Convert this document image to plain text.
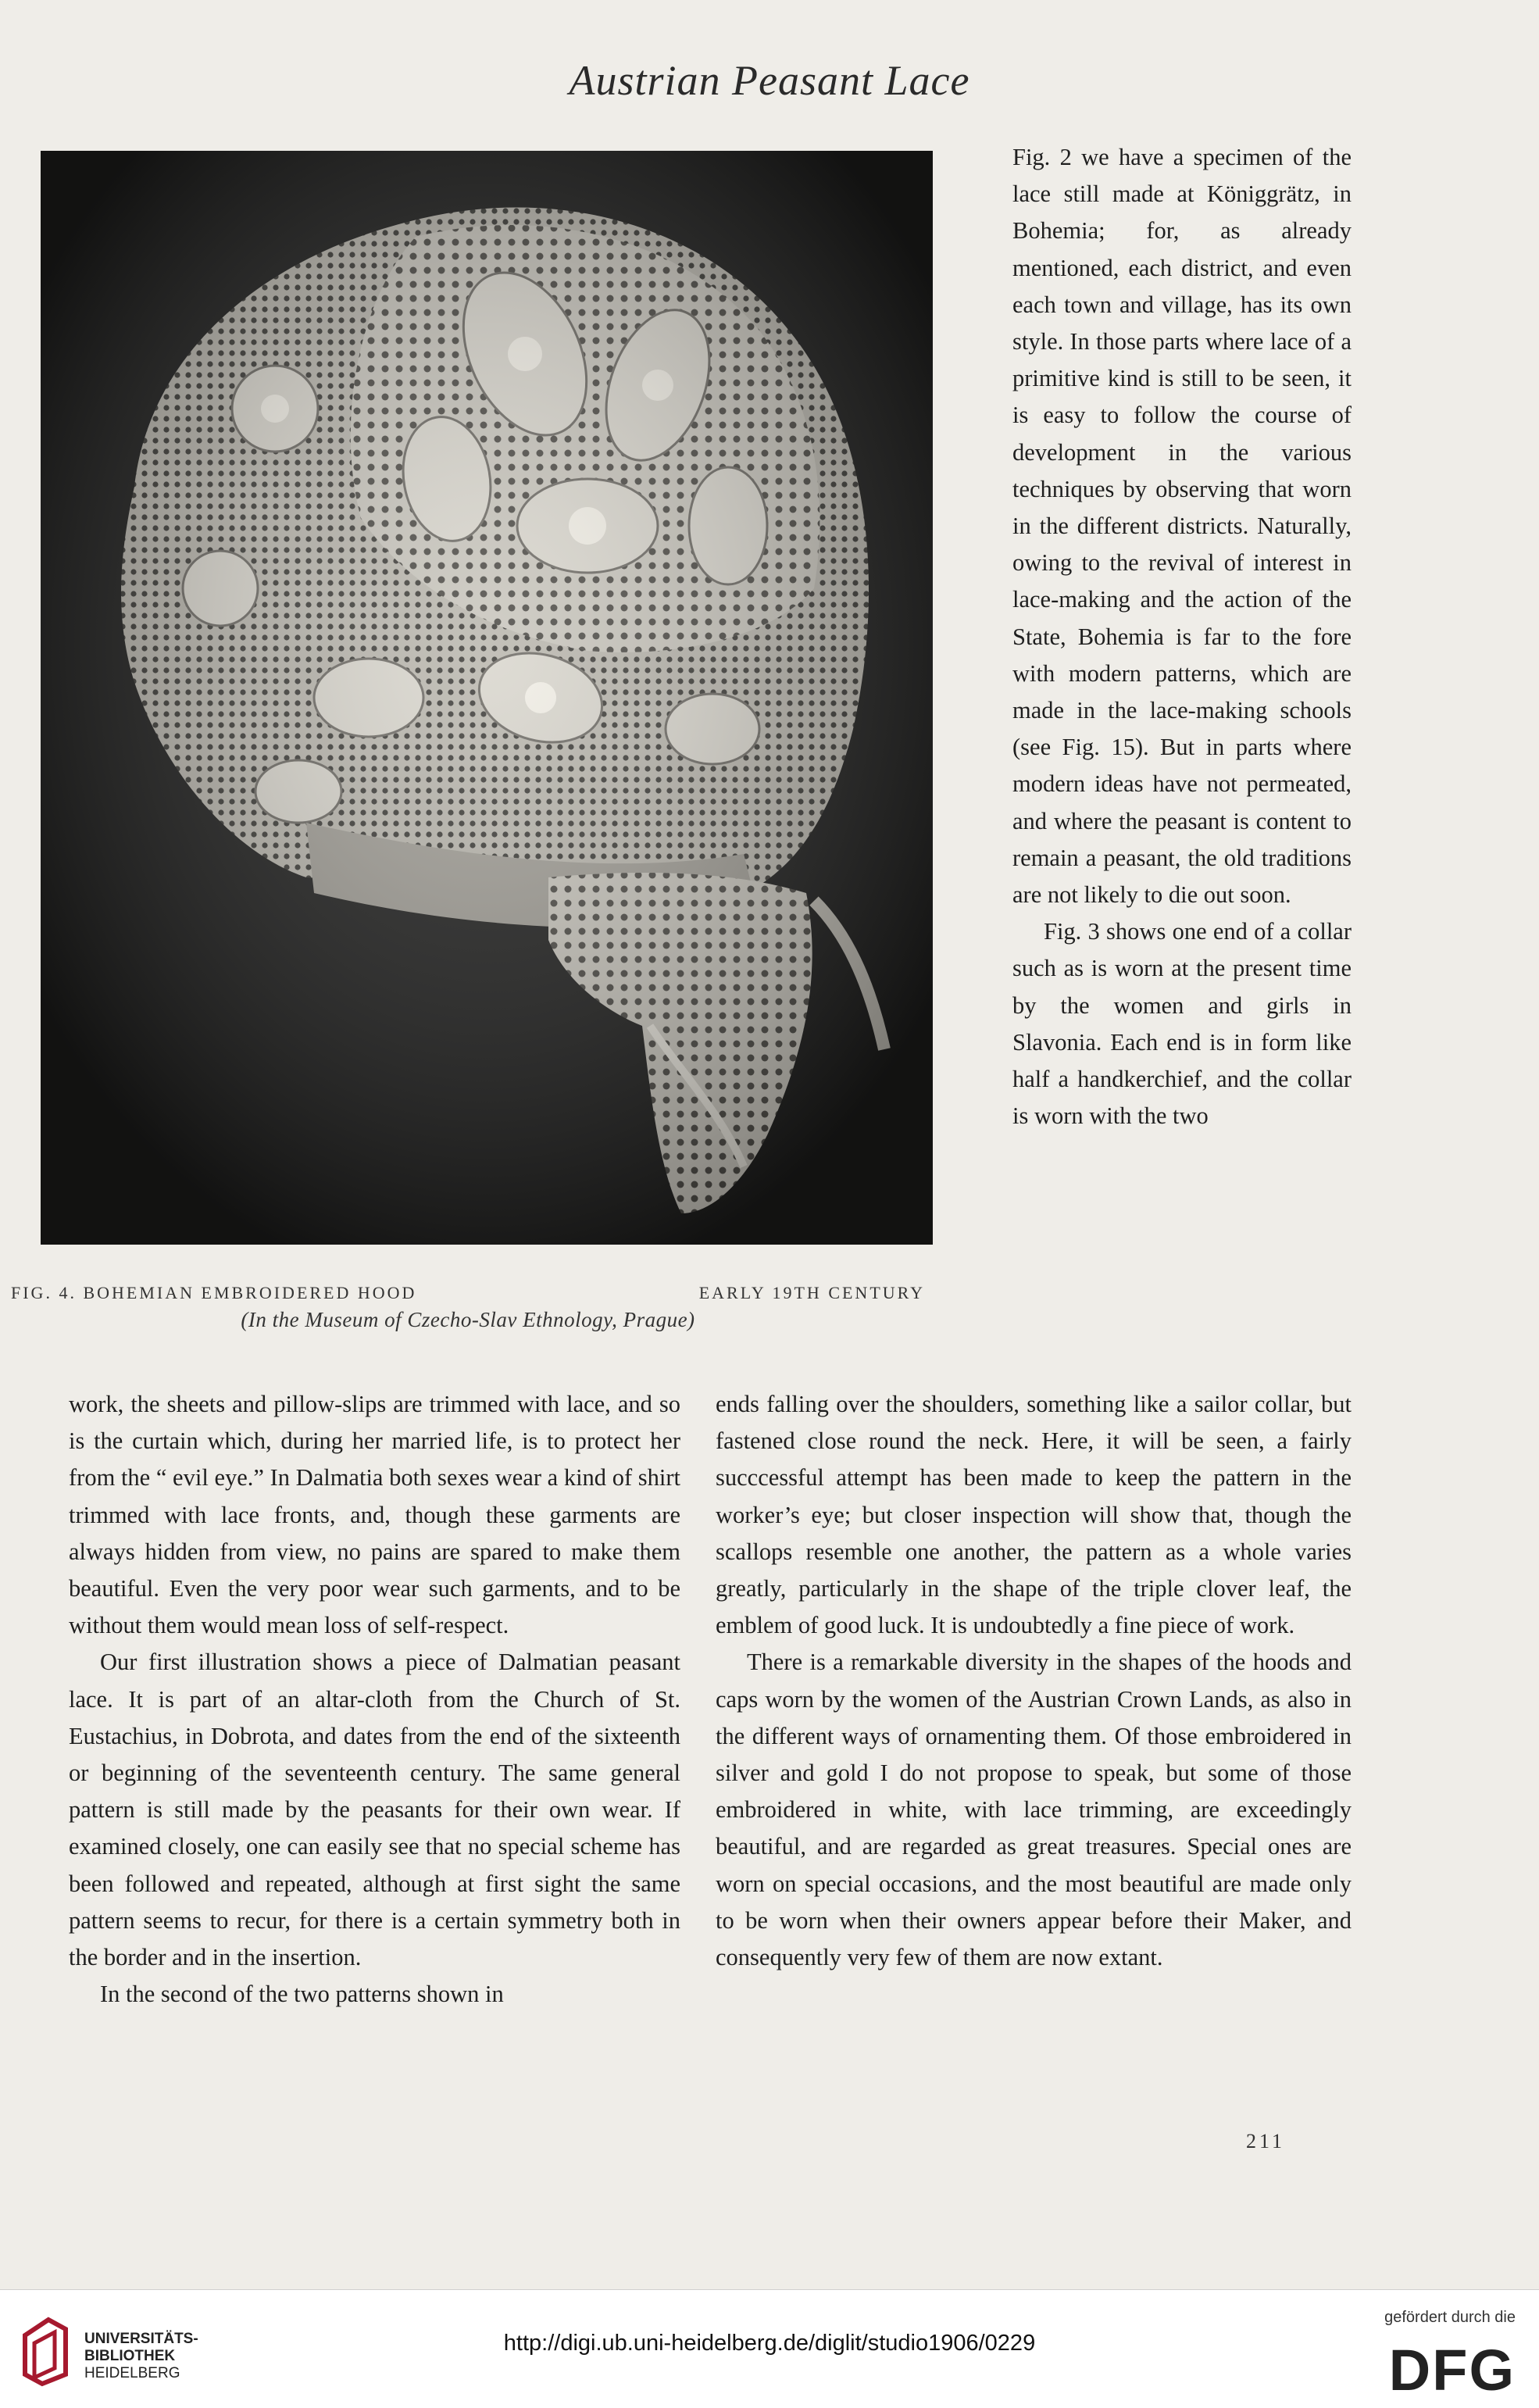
Austrian Peasant Lace
FIG. 4. BOHEMIAN EMBROIDERED HOOD	EARLY 19TH CENTURY
(In the Museum of Czecho-Slav Ethnology, Prague)

Fig. 2 we have a specimen of the lace still made at Königgrätz, in Bohemia; for, as already mentioned, each district, and even each town and village, has its own style. In those parts where lace of a primitive kind is still to be seen, it is easy to follow the course of development in the various techniques by observing that worn in the different districts. Naturally, owing to the revival of interest in lace-making and the action of the State, Bohemia is far to the fore with modern patterns, which are made in the lace-making schools (see Fig. 15). But in parts where modern ideas have not permeated, and where the peasant is content to remain a peasant, the old traditions are not likely to die out soon.

Fig. 3 shows one end of a collar such as is worn at the present time by the women and girls in Slavonia. Each end is in form like half a handkerchief, and the collar is worn with the two

work, the sheets and pillow-slips are trimmed with lace, and so is the curtain which, during her married life, is to protect her from the “ evil eye.” In Dalmatia both sexes wear a kind of shirt trimmed with lace fronts, and, though these garments are always hidden from view, no pains are spared to make them beautiful. Even the very poor wear such garments, and to be without them would mean loss of self-respect.

Our first illustration shows a piece of Dalmatian peasant lace. It is part of an altar-cloth from the Church of St. Eustachius, in Dobrota, and dates from the end of the sixteenth or beginning of the seventeenth century. The same general pattern is still made by the peasants for their own wear. If examined closely, one can easily see that no special scheme has been followed and repeated, although at first sight the same pattern seems to recur, for there is a certain symmetry both in the border and in the insertion.

In the second of the two patterns shown in

ends falling over the shoulders, something like a sailor collar, but fastened close round the neck. Here, it will be seen, a fairly succcessful attempt has been made to keep the pattern in the worker’s eye; but closer inspection will show that, though the scallops resemble one another, the pattern as a whole varies greatly, particularly in the shape of the triple clover leaf, the emblem of good luck. It is undoubtedly a fine piece of work.

There is a remarkable diversity in the shapes of the hoods and caps worn by the women of the Austrian Crown Lands, as also in the different ways of ornamenting them. Of those embroidered in silver and gold I do not propose to speak, but some of those embroidered in white, with lace trimming, are exceedingly beautiful, and are regarded as great treasures. Special ones are worn on special occasions, and the most beautiful are made only to be worn when their owners appear before their Maker, and consequently very few of them are now extant.

211
UNIVERSITÄTS-
BIBLIOTHEK
HEIDELBERG
http://digi.ub.uni-heidelberg.de/diglit/studio1906/0229
gefördert durch die
DFG
